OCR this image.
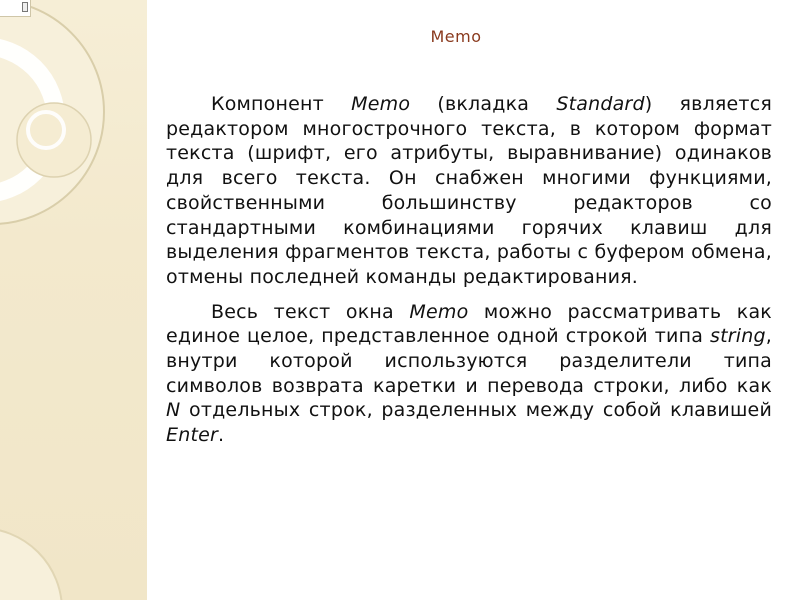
Memo

Компонент Memo (вкладка Standard) является редактором многострочного текста, в котором формат текста (шрифт, его атрибуты, выравнивание) одинаков для всего текста. Он снабжен многими функциями, свойственными большинству редакторов со стандартными комбинациями горячих клавиш для выделения фрагментов текста, работы с буфером обмена, отмены последней команды редактирования.

Весь текст окна Memo можно рассматривать как единое целое, представленное одной строкой типа string, внутри которой используются разделители типа символов возврата каретки и перевода строки, либо как N отдельных строк, разделенных между собой клавишей Enter.
